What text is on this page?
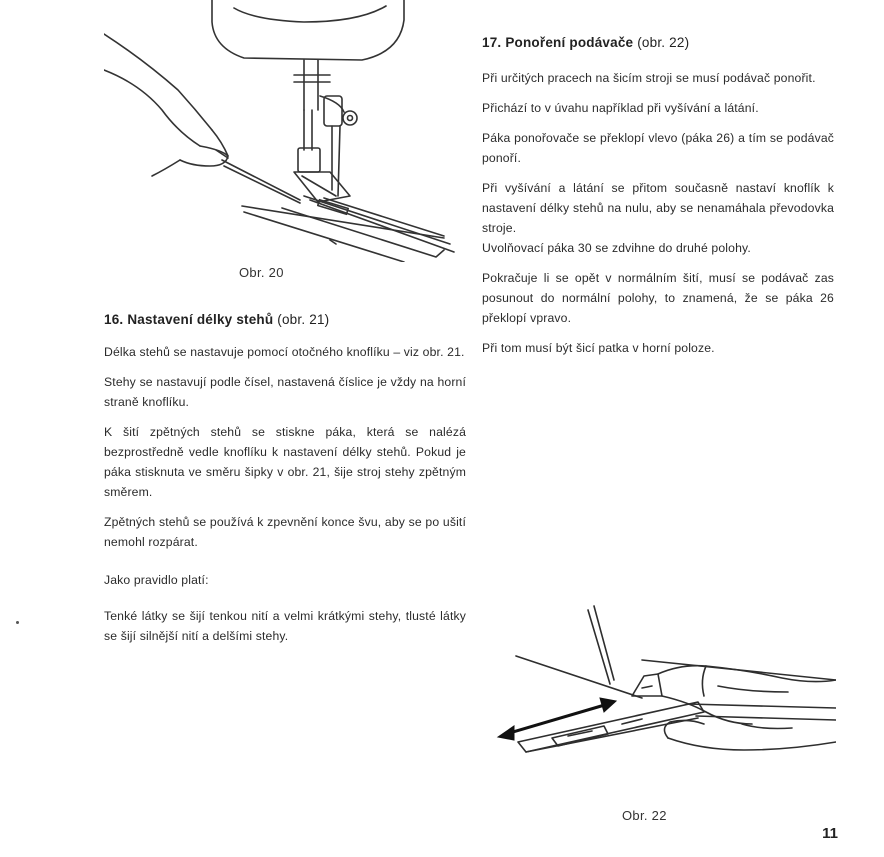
Obr. 20
16. Nastavení délky stehů (obr. 21)

Délka stehů se nastavuje pomocí otočného knoflíku – viz obr. 21.

Stehy se nastavují podle čísel, nastavená číslice je vždy na horní straně knoflíku.

K šití zpětných stehů se stiskne páka, která se nalézá bezprostředně vedle knoflíku k nastavení délky stehů. Pokud je páka stisknuta ve směru šipky v obr. 21, šije stroj stehy zpětným směrem.

Zpětných stehů se používá k zpevnění konce švu, aby se po ušití nemohl rozpárat.

Jako pravidlo platí:

Tenké látky se šijí tenkou nití a velmi krátkými stehy, tlusté látky se šijí silnější nití a delšími stehy.

17. Ponoření podávače (obr. 22)

Při určitých pracech na šicím stroji se musí podávač ponořit.

Přichází to v úvahu například při vyšívání a látání.

Páka ponořovače se překlopí vlevo (páka 26) a tím se podávač ponoří.

Při vyšívání a látání se přitom současně nastaví knoflík k nastavení délky stehů na nulu, aby se nenamáhala převodovka stroje.

Uvolňovací páka 30 se zdvihne do druhé polohy.

Pokračuje li se opět v normálním šití, musí se podávač zas posunout do normální polohy, to znamená, že se páka 26 překlopí vpravo.

Při tom musí být šicí patka v horní poloze.

Obr. 22
11
